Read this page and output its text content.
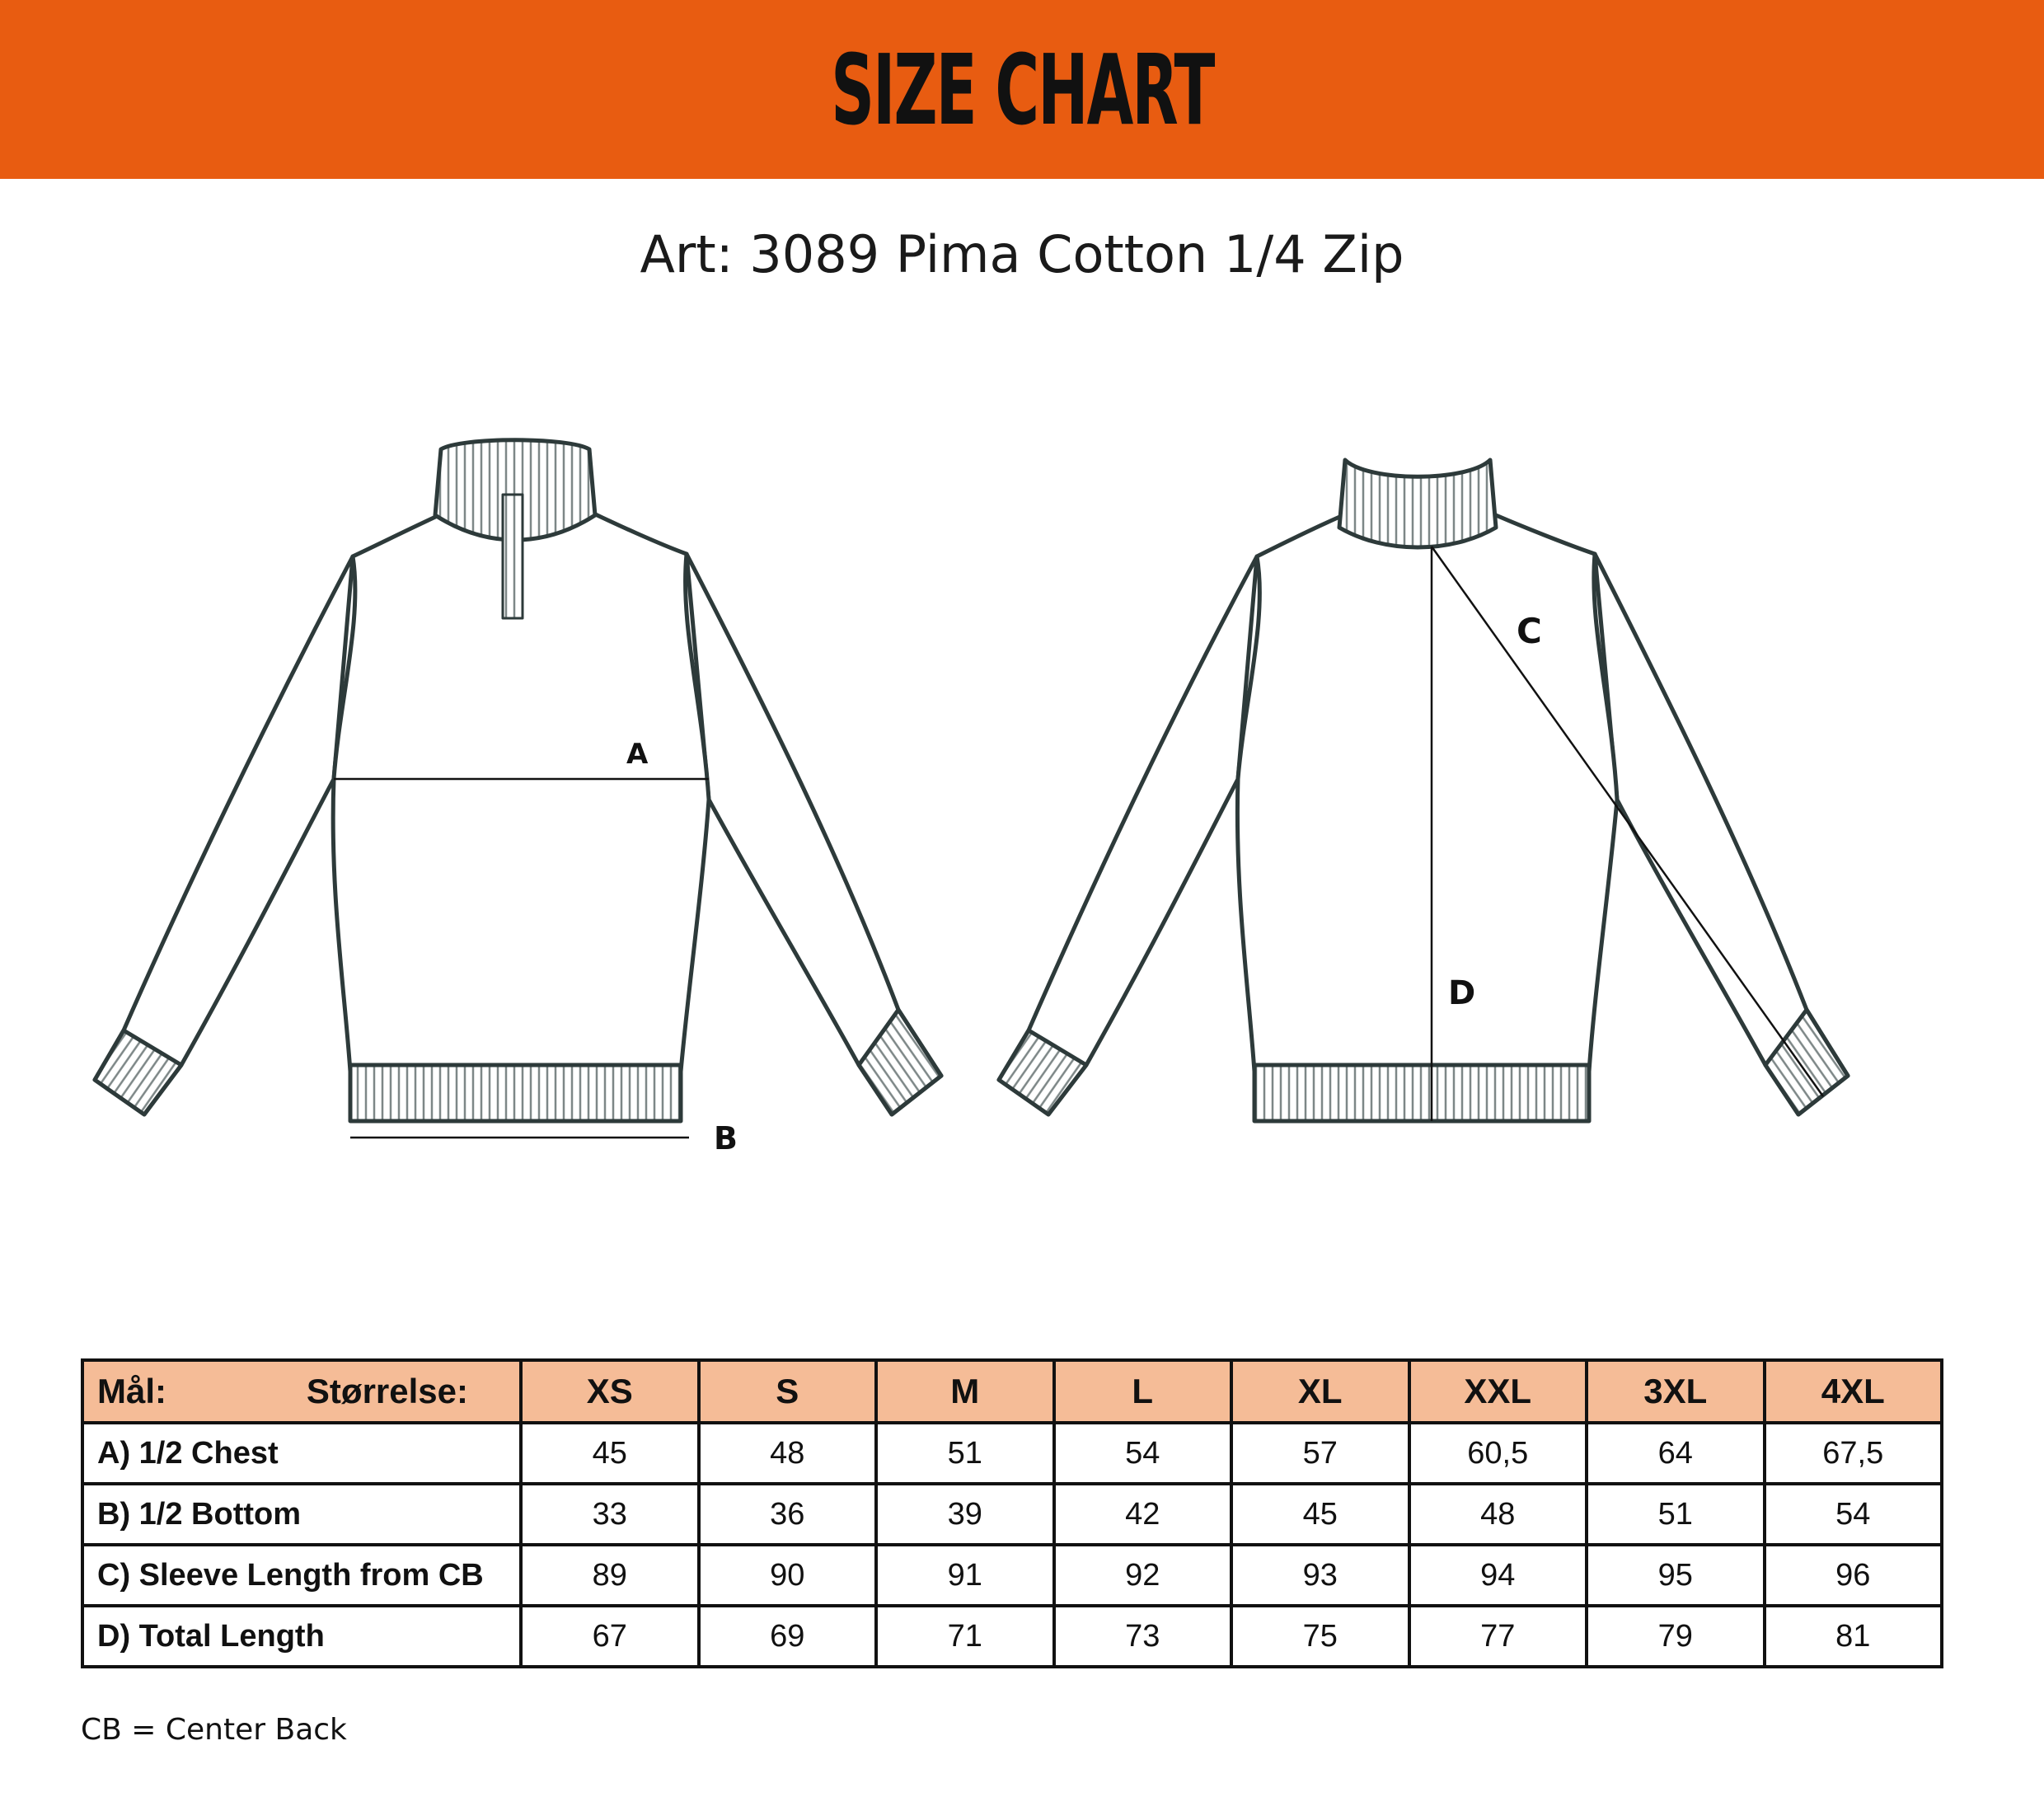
SIZE CHART
Art: 3089 Pima Cotton 1/4 Zip
A
B
C
D
Mål: Størrelse:	XS	S	M	L	XL	XXL	3XL	4XL
A) 1/2 Chest	45	48	51	54	57	60,5	64	67,5
B) 1/2 Bottom	33	36	39	42	45	48	51	54
C) Sleeve Length from CB	89	90	91	92	93	94	95	96
D) Total Length	67	69	71	73	75	77	79	81
CB = Center Back
